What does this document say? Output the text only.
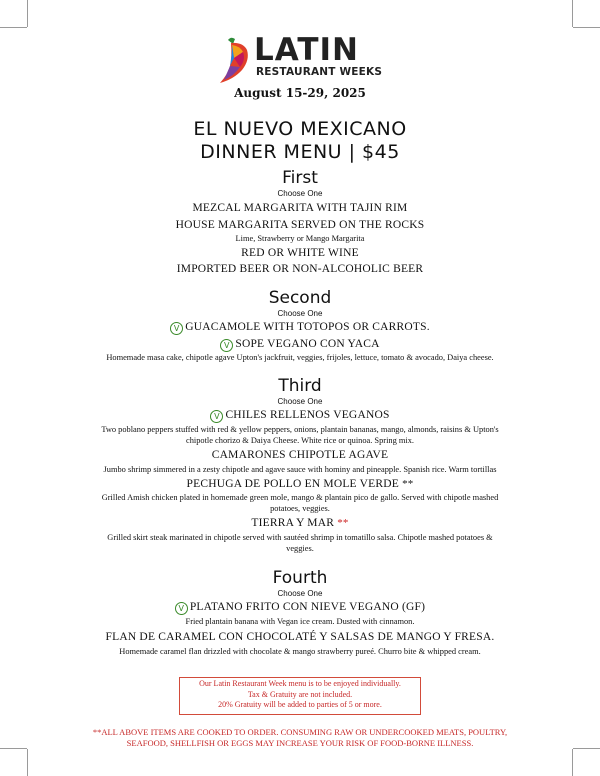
LATIN
RESTAURANT WEEKS
August 15-29, 2025
EL NUEVO MEXICANO
DINNER MENU | $45
First
Choose One
MEZCAL MARGARITA WITH TAJIN RIM
HOUSE MARGARITA SERVED ON THE ROCKS
Lime, Strawberry or Mango Margarita
RED OR WHITE WINE
IMPORTED BEER OR NON-ALCOHOLIC BEER
Second
Choose One
V GUACAMOLE WITH TOTOPOS OR CARROTS.
V SOPE VEGANO CON YACA
Homemade masa cake, chipotle agave Upton's jackfruit, veggies, frijoles, lettuce, tomato & avocado, Daiya cheese.
Third
Choose One
V CHILES RELLENOS VEGANOS
Two poblano peppers stuffed with red & yellow peppers, onions, plantain bananas, mango, almonds, raisins & Upton's
chipotle chorizo & Daiya Cheese. White rice or quinoa. Spring mix.
CAMARONES CHIPOTLE AGAVE
Jumbo shrimp simmered in a zesty chipotle and agave sauce with hominy and pineapple. Spanish rice. Warm tortillas
PECHUGA DE POLLO EN MOLE VERDE **
Grilled Amish chicken plated in homemade green mole, mango & plantain pico de gallo. Served with chipotle mashed
potatoes, veggies.
TIERRA Y MAR **
Grilled skirt steak marinated in chipotle served with sautéed shrimp in tomatillo salsa. Chipotle mashed potatoes &
veggies.
Fourth
Choose One
V PLATANO FRITO CON NIEVE VEGANO (GF)
Fried plantain banana with Vegan ice cream. Dusted with cinnamon.
FLAN DE CARAMEL CON CHOCOLATÉ Y SALSAS DE MANGO Y FRESA.
Homemade caramel flan drizzled with chocolate & mango strawberry pureé. Churro bite & whipped cream.
Our Latin Restaurant Week menu is to be enjoyed individually.
Tax & Gratuity are not included.
20% Gratuity will be added to parties of 5 or more.
**ALL ABOVE ITEMS ARE COOKED TO ORDER. CONSUMING RAW OR UNDERCOOKED MEATS, POULTRY,
SEAFOOD, SHELLFISH OR EGGS MAY INCREASE YOUR RISK OF FOOD-BORNE ILLNESS.
